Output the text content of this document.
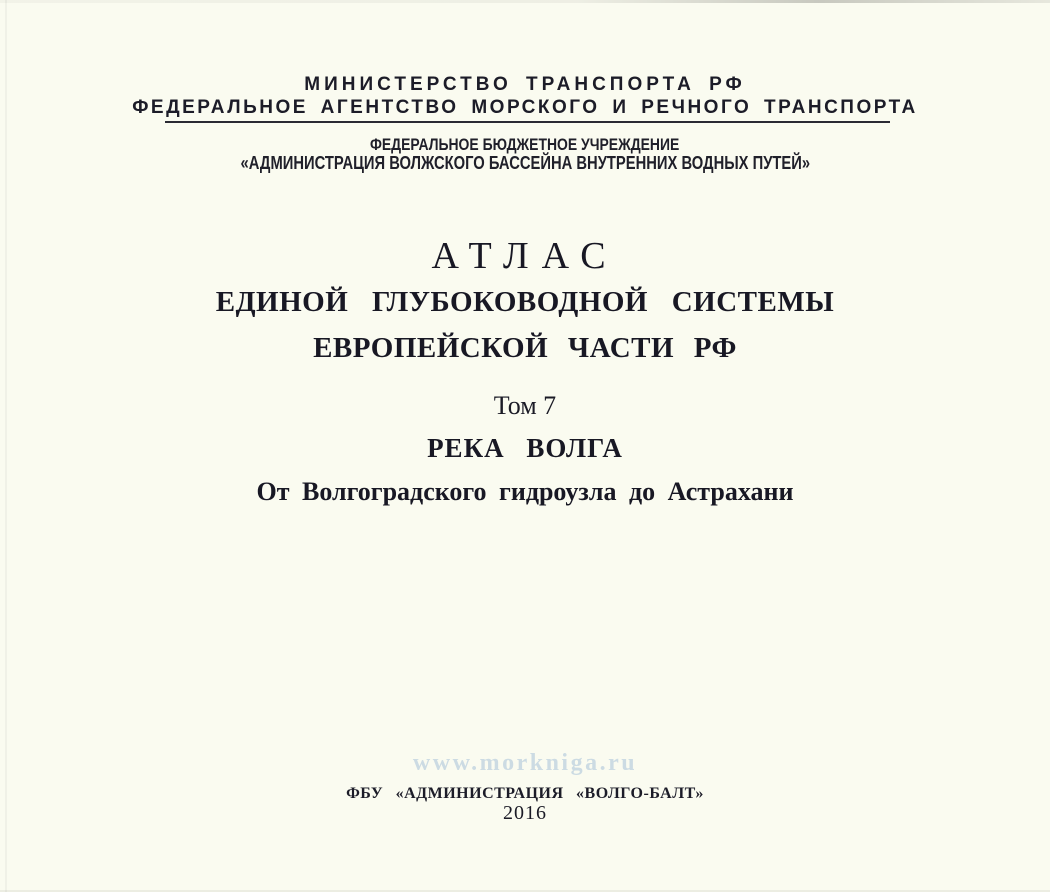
МИНИСТЕРСТВО ТРАНСПОРТА РФ
ФЕДЕРАЛЬНОЕ АГЕНТСТВО МОРСКОГО И РЕЧНОГО ТРАНСПОРТА
ФЕДЕРАЛЬНОЕ БЮДЖЕТНОЕ УЧРЕЖДЕНИЕ
«АДМИНИСТРАЦИЯ ВОЛЖСКОГО БАССЕЙНА ВНУТРЕННИХ ВОДНЫХ ПУТЕЙ»
АТЛАС
ЕДИНОЙ ГЛУБОКОВОДНОЙ СИСТЕМЫ
ЕВРОПЕЙСКОЙ ЧАСТИ РФ
Том 7
РЕКА ВОЛГА
От Волгоградского гидроузла до Астрахани
www.morkniga.ru
ФБУ «АДМИНИСТРАЦИЯ «ВОЛГО-БАЛТ»
2016
